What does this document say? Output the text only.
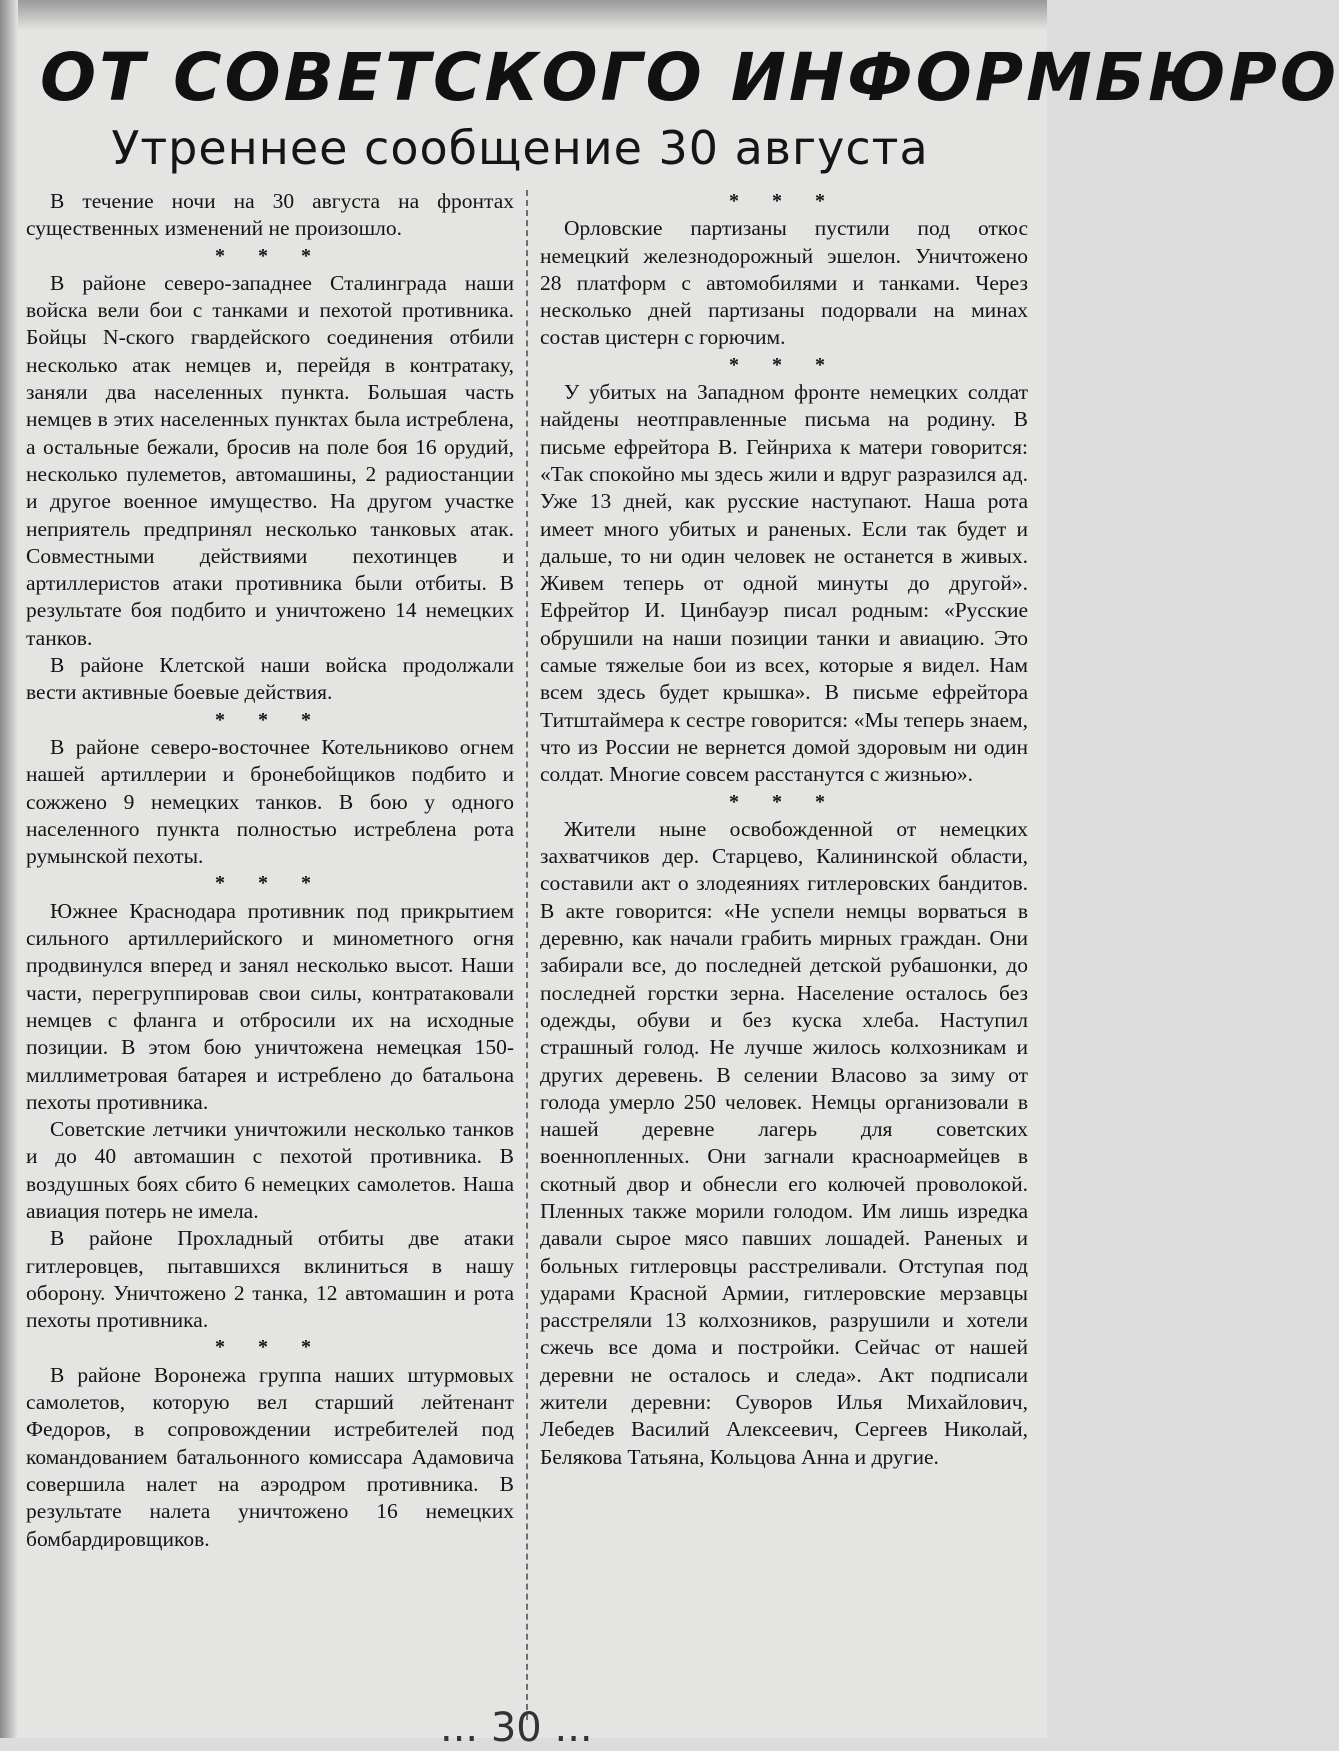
ОТ СОВЕТСКОГО ИНФОРМБЮРО
Утреннее сообщение 30 августа

В течение ночи на 30 августа на фронтах существенных изменений не произошло.

* * *

В районе северо-западнее Сталинграда наши войска вели бои с танками и пехотой противника. Бойцы N-ского гвардейского соединения отбили несколько атак немцев и, перейдя в контратаку, заняли два населенных пункта. Большая часть немцев в этих населенных пунктах была истреблена, а остальные бежали, бросив на поле боя 16 орудий, несколько пулеметов, автомашины, 2 радиостанции и другое военное имущество. На другом участке неприятель предпринял несколько танковых атак. Совместными действиями пехотинцев и артиллеристов атаки противника были отбиты. В результате боя подбито и уничтожено 14 немецких танков.

В районе Клетской наши войска продолжали вести активные боевые действия.

* * *

В районе северо-восточнее Котельниково огнем нашей артиллерии и бронебойщиков подбито и сожжено 9 немецких танков. В бою у одного населенного пункта полностью истреблена рота румынской пехоты.

* * *

Южнее Краснодара противник под прикрытием сильного артиллерийского и минометного огня продвинулся вперед и занял несколько высот. Наши части, перегруппировав свои силы, контратаковали немцев с фланга и отбросили их на исходные позиции. В этом бою уничтожена немецкая 150-миллиметровая батарея и истреблено до батальона пехоты противника.

Советские летчики уничтожили несколько танков и до 40 автомашин с пехотой противника. В воздушных боях сбито 6 немецких самолетов. Наша авиация потерь не имела.

В районе Прохладный отбиты две атаки гитлеровцев, пытавшихся вклиниться в нашу оборону. Уничтожено 2 танка, 12 автомашин и рота пехоты противника.

* * *

В районе Воронежа группа наших штурмовых самолетов, которую вел старший лейтенант Федоров, в сопровождении истребителей под командованием батальонного комиссара Адамовича совершила налет на аэродром противника. В результате налета уничтожено 16 немецких бомбардировщиков.

* * *

Орловские партизаны пустили под откос немецкий железнодорожный эшелон. Уничтожено 28 платформ с автомобилями и танками. Через несколько дней партизаны подорвали на минах состав цистерн с горючим.

* * *

У убитых на Западном фронте немецких солдат найдены неотправленные письма на родину. В письме ефрейтора В. Гейнриха к матери говорится: «Так спокойно мы здесь жили и вдруг разразился ад. Уже 13 дней, как русские наступают. Наша рота имеет много убитых и раненых. Если так будет и дальше, то ни один человек не останется в живых. Живем теперь от одной минуты до другой». Ефрейтор И. Цинбауэр писал родным: «Русские обрушили на наши позиции танки и авиацию. Это самые тяжелые бои из всех, которые я видел. Нам всем здесь будет крышка». В письме ефрейтора Титштаймера к сестре говорится: «Мы теперь знаем, что из России не вернется домой здоровым ни один солдат. Многие совсем расстанутся с жизнью».

* * *

Жители ныне освобожденной от немецких захватчиков дер. Старцево, Калининской области, составили акт о злодеяниях гитлеровских бандитов. В акте говорится: «Не успели немцы ворваться в деревню, как начали грабить мирных граждан. Они забирали все, до последней детской рубашонки, до последней горстки зерна. Население осталось без одежды, обуви и без куска хлеба. Наступил страшный голод. Не лучше жилось колхозникам и других деревень. В селении Власово за зиму от голода умерло 250 человек. Немцы организовали в нашей деревне лагерь для советских военнопленных. Они загнали красноармейцев в скотный двор и обнесли его колючей проволокой. Пленных также морили голодом. Им лишь изредка давали сырое мясо павших лошадей. Раненых и больных гитлеровцы расстреливали. Отступая под ударами Красной Армии, гитлеровские мерзавцы расстреляли 13 колхозников, разрушили и хотели сжечь все дома и постройки. Сейчас от нашей деревни не осталось и следа». Акт подписали жители деревни: Суворов Илья Михайлович, Лебедев Василий Алексеевич, Сергеев Николай, Белякова Татьяна, Кольцова Анна и другие.

... 30 ...
